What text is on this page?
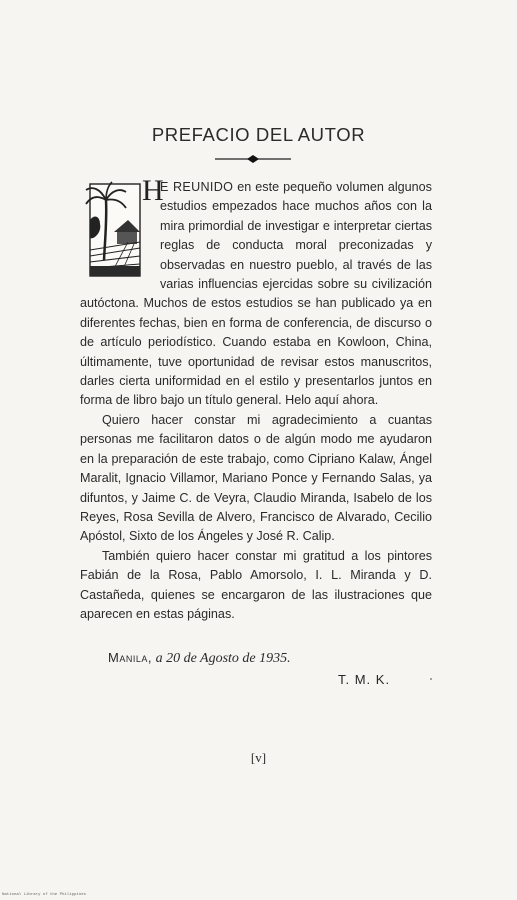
PREFACIO DEL AUTOR
H

E REUNIDO en este pequeño volumen algunos estudios empezados hace muchos años con la mira primordial de investigar e interpretar ciertas reglas de conducta moral preconizadas y observadas en nuestro pueblo, al través de las varias influencias ejercidas sobre su civilización autóctona. Muchos de estos estudios se han publicado ya en diferentes fechas, bien en forma de conferencia, de discurso o de artículo periodístico. Cuando estaba en Kowloon, China, últimamente, tuve oportunidad de revisar estos manuscritos, darles cierta uniformidad en el estilo y presentarlos juntos en forma de libro bajo un título general. Helo aquí ahora.

Quiero hacer constar mi agradecimiento a cuantas personas me facilitaron datos o de algún modo me ayudaron en la preparación de este trabajo, como Cipriano Kalaw, Ángel Maralit, Ignacio Villamor, Mariano Ponce y Fernando Salas, ya difuntos, y Jaime C. de Veyra, Claudio Miranda, Isabelo de los Reyes, Rosa Sevilla de Alvero, Francisco de Alvarado, Cecilio Apóstol, Sixto de los Ángeles y José R. Calip.

También quiero hacer constar mi gratitud a los pintores Fabián de la Rosa, Pablo Amorsolo, I. L. Miranda y D. Castañeda, quienes se encargaron de las ilustraciones que aparecen en estas páginas.

Manila, a 20 de Agosto de 1935.
T. M. K.
[v]
National Library of the Philippines
